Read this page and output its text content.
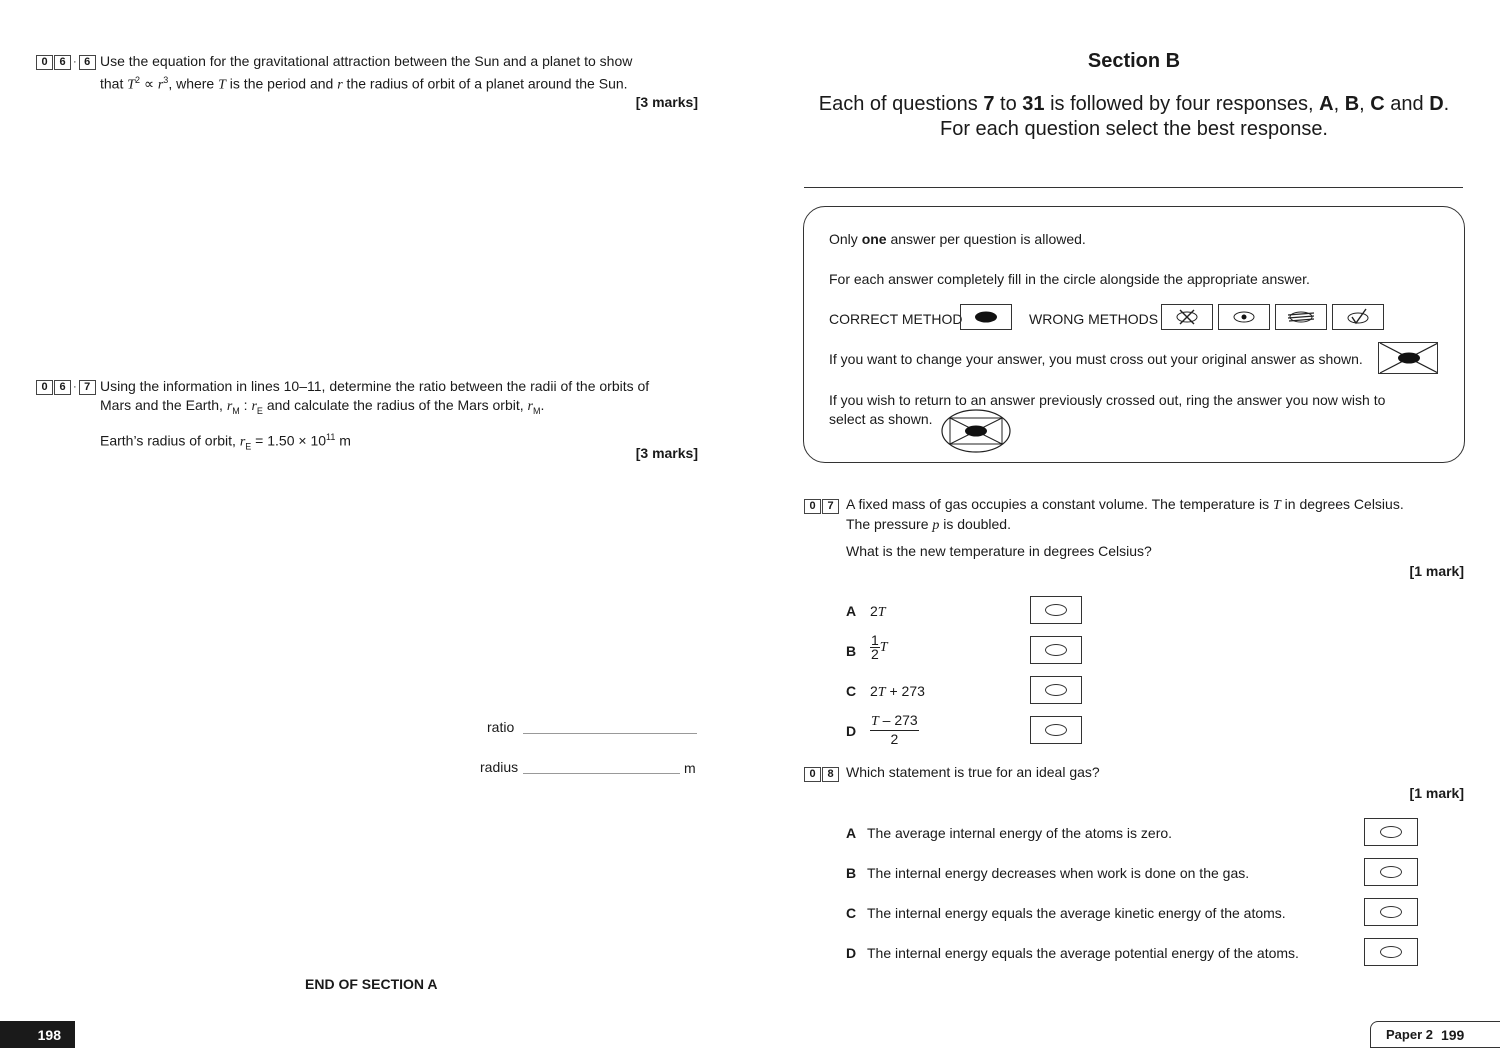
0	6 · 6 Use the equation for the gravitational attraction between the Sun and a planet to show
that $T^2 \propto r^3$, where T is the period and r the radius of orbit of a planet around the Sun.
[3 marks]
0	6 · 7 Using the information in lines 10–11, determine the ratio between the radii of the orbits of
Mars and the Earth, $r_M$ : $r_E$ and calculate the radius of the Mars orbit, $r_M$.
Earth’s radius of orbit, $r_E = 1.50 \times 10^{11}$ m
[3 marks]
ratio
radius	m
END OF SECTION A
198
Section B
Each of questions 7 to 31 is followed by four responses, A, B, C and D.
For each question select the best response.
Only one answer per question is allowed.
For each answer completely fill in the circle alongside the appropriate answer.
CORRECT METHOD	WRONG METHODS
If you want to change your answer, you must cross out your original answer as shown.
If you wish to return to an answer previously crossed out, ring the answer you now wish to
select as shown.
0	7 A fixed mass of gas occupies a constant volume. The temperature is T in degrees Celsius.
The pressure p is doubled.
What is the new temperature in degrees Celsius?
[1 mark]
A 2T
B $\frac{1}{2}$ T
C 2T + 273
D $\frac{T - 273}{2}$
0	8 Which statement is true for an ideal gas?
[1 mark]
A The average internal energy of the atoms is zero.
B The internal energy decreases when work is done on the gas.
C The internal energy equals the average kinetic energy of the atoms.
D The internal energy equals the average potential energy of the atoms.
Paper 2 199
